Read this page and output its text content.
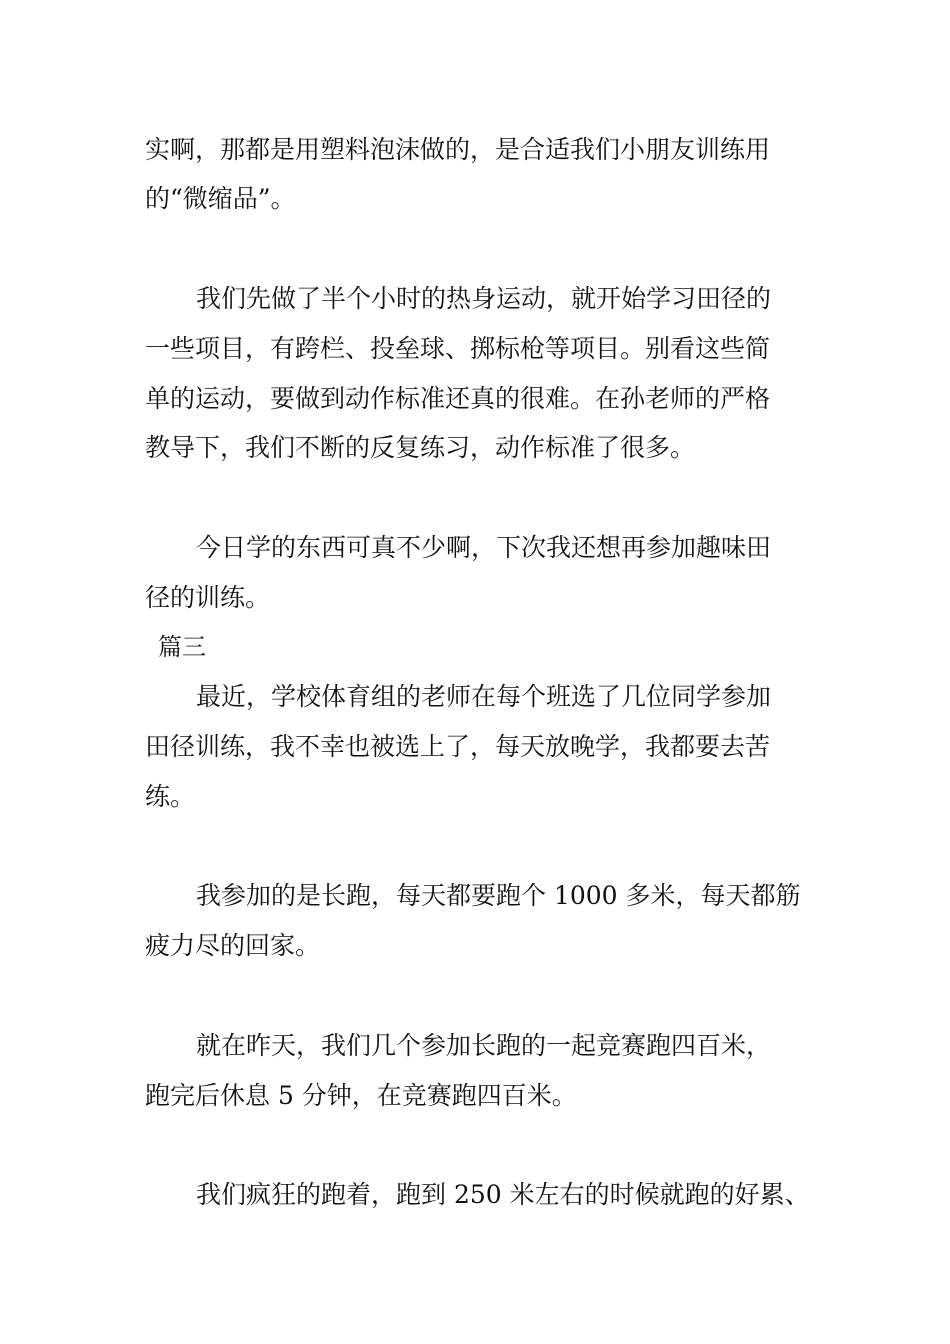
实啊，那都是用塑料泡沫做的，是合适我们小朋友训练用
的“微缩品”。
我们先做了半个小时的热身运动，就开始学习田径的
一些项目，有跨栏、投垒球、掷标枪等项目。别看这些简
单的运动，要做到动作标准还真的很难。在孙老师的严格
教导下，我们不断的反复练习，动作标准了很多。
今日学的东西可真不少啊，下次我还想再参加趣味田
径的训练。
篇三
最近，学校体育组的老师在每个班选了几位同学参加
田径训练，我不幸也被选上了，每天放晚学，我都要去苦
练。
我参加的是长跑，每天都要跑个 1000 多米，每天都筋
疲力尽的回家。
就在昨天，我们几个参加长跑的一起竞赛跑四百米，
跑完后休息 5 分钟，在竞赛跑四百米。
我们疯狂的跑着，跑到 250 米左右的时候就跑的好累、
